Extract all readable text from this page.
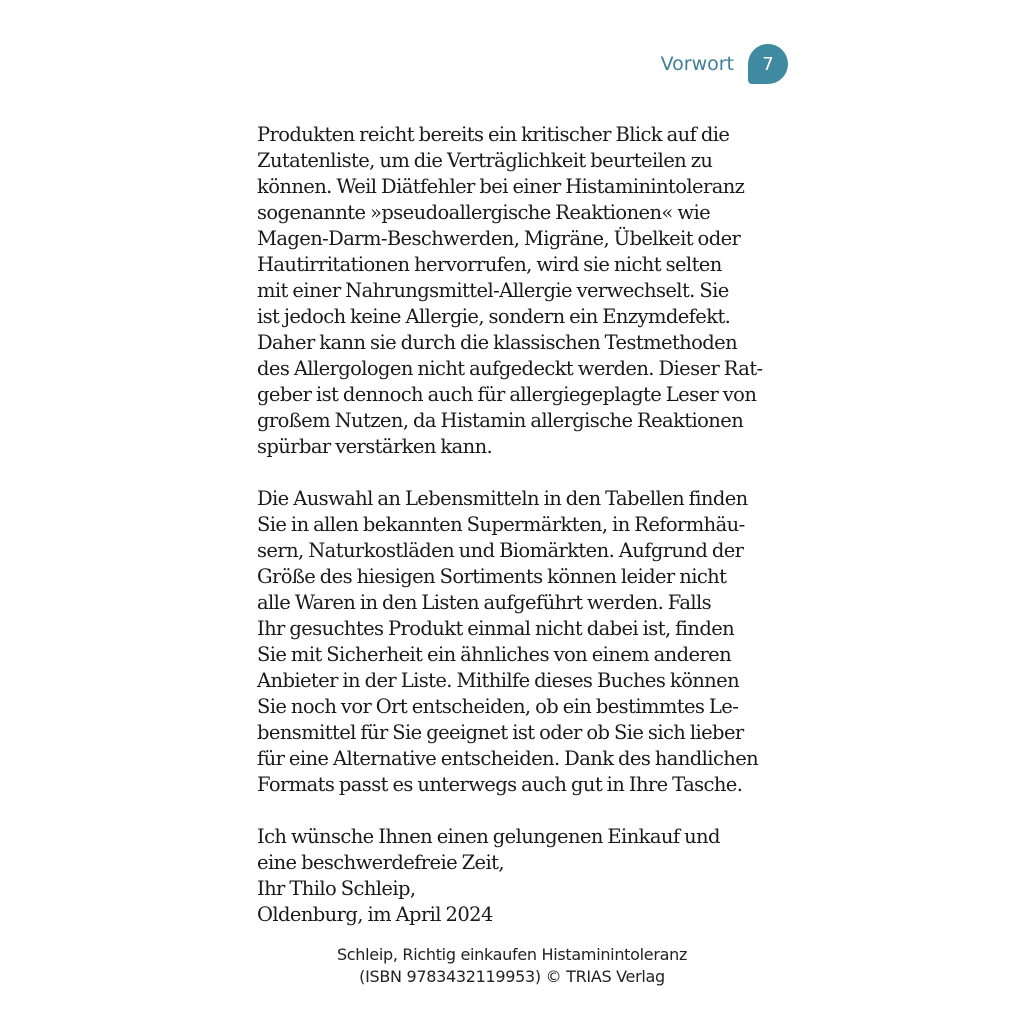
Vorwort 7
Produkten reicht bereits ein kritischer Blick auf die
Zutatenliste, um die Verträglichkeit beurteilen zu
können. Weil Diätfehler bei einer Histaminintoleranz
sogenannte »pseudoallergische Reaktionen« wie
Magen-Darm-Beschwerden, Migräne, Übelkeit oder
Hautirritationen hervorrufen, wird sie nicht selten
mit einer Nahrungsmittel-Allergie verwechselt. Sie
ist jedoch keine Allergie, sondern ein Enzymdefekt.
Daher kann sie durch die klassischen Testmethoden
des Allergologen nicht aufgedeckt werden. Dieser Rat-
geber ist dennoch auch für allergiegeplagte Leser von
großem Nutzen, da Histamin allergische Reaktionen
spürbar verstärken kann.
Die Auswahl an Lebensmitteln in den Tabellen finden
Sie in allen bekannten Supermärkten, in Reformhäu-
sern, Naturkostläden und Biomärkten. Aufgrund der
Größe des hiesigen Sortiments können leider nicht
alle Waren in den Listen aufgeführt werden. Falls
Ihr gesuchtes Produkt einmal nicht dabei ist, finden
Sie mit Sicherheit ein ähnliches von einem anderen
Anbieter in der Liste. Mithilfe dieses Buches können
Sie noch vor Ort entscheiden, ob ein bestimmtes Le-
bensmittel für Sie geeignet ist oder ob Sie sich lieber
für eine Alternative entscheiden. Dank des handlichen
Formats passt es unterwegs auch gut in Ihre Tasche.
Ich wünsche Ihnen einen gelungenen Einkauf und
eine beschwerdefreie Zeit,
Ihr Thilo Schleip,
Oldenburg, im April 2024
Schleip, Richtig einkaufen Histaminintoleranz
(ISBN 9783432119953) © TRIAS Verlag
